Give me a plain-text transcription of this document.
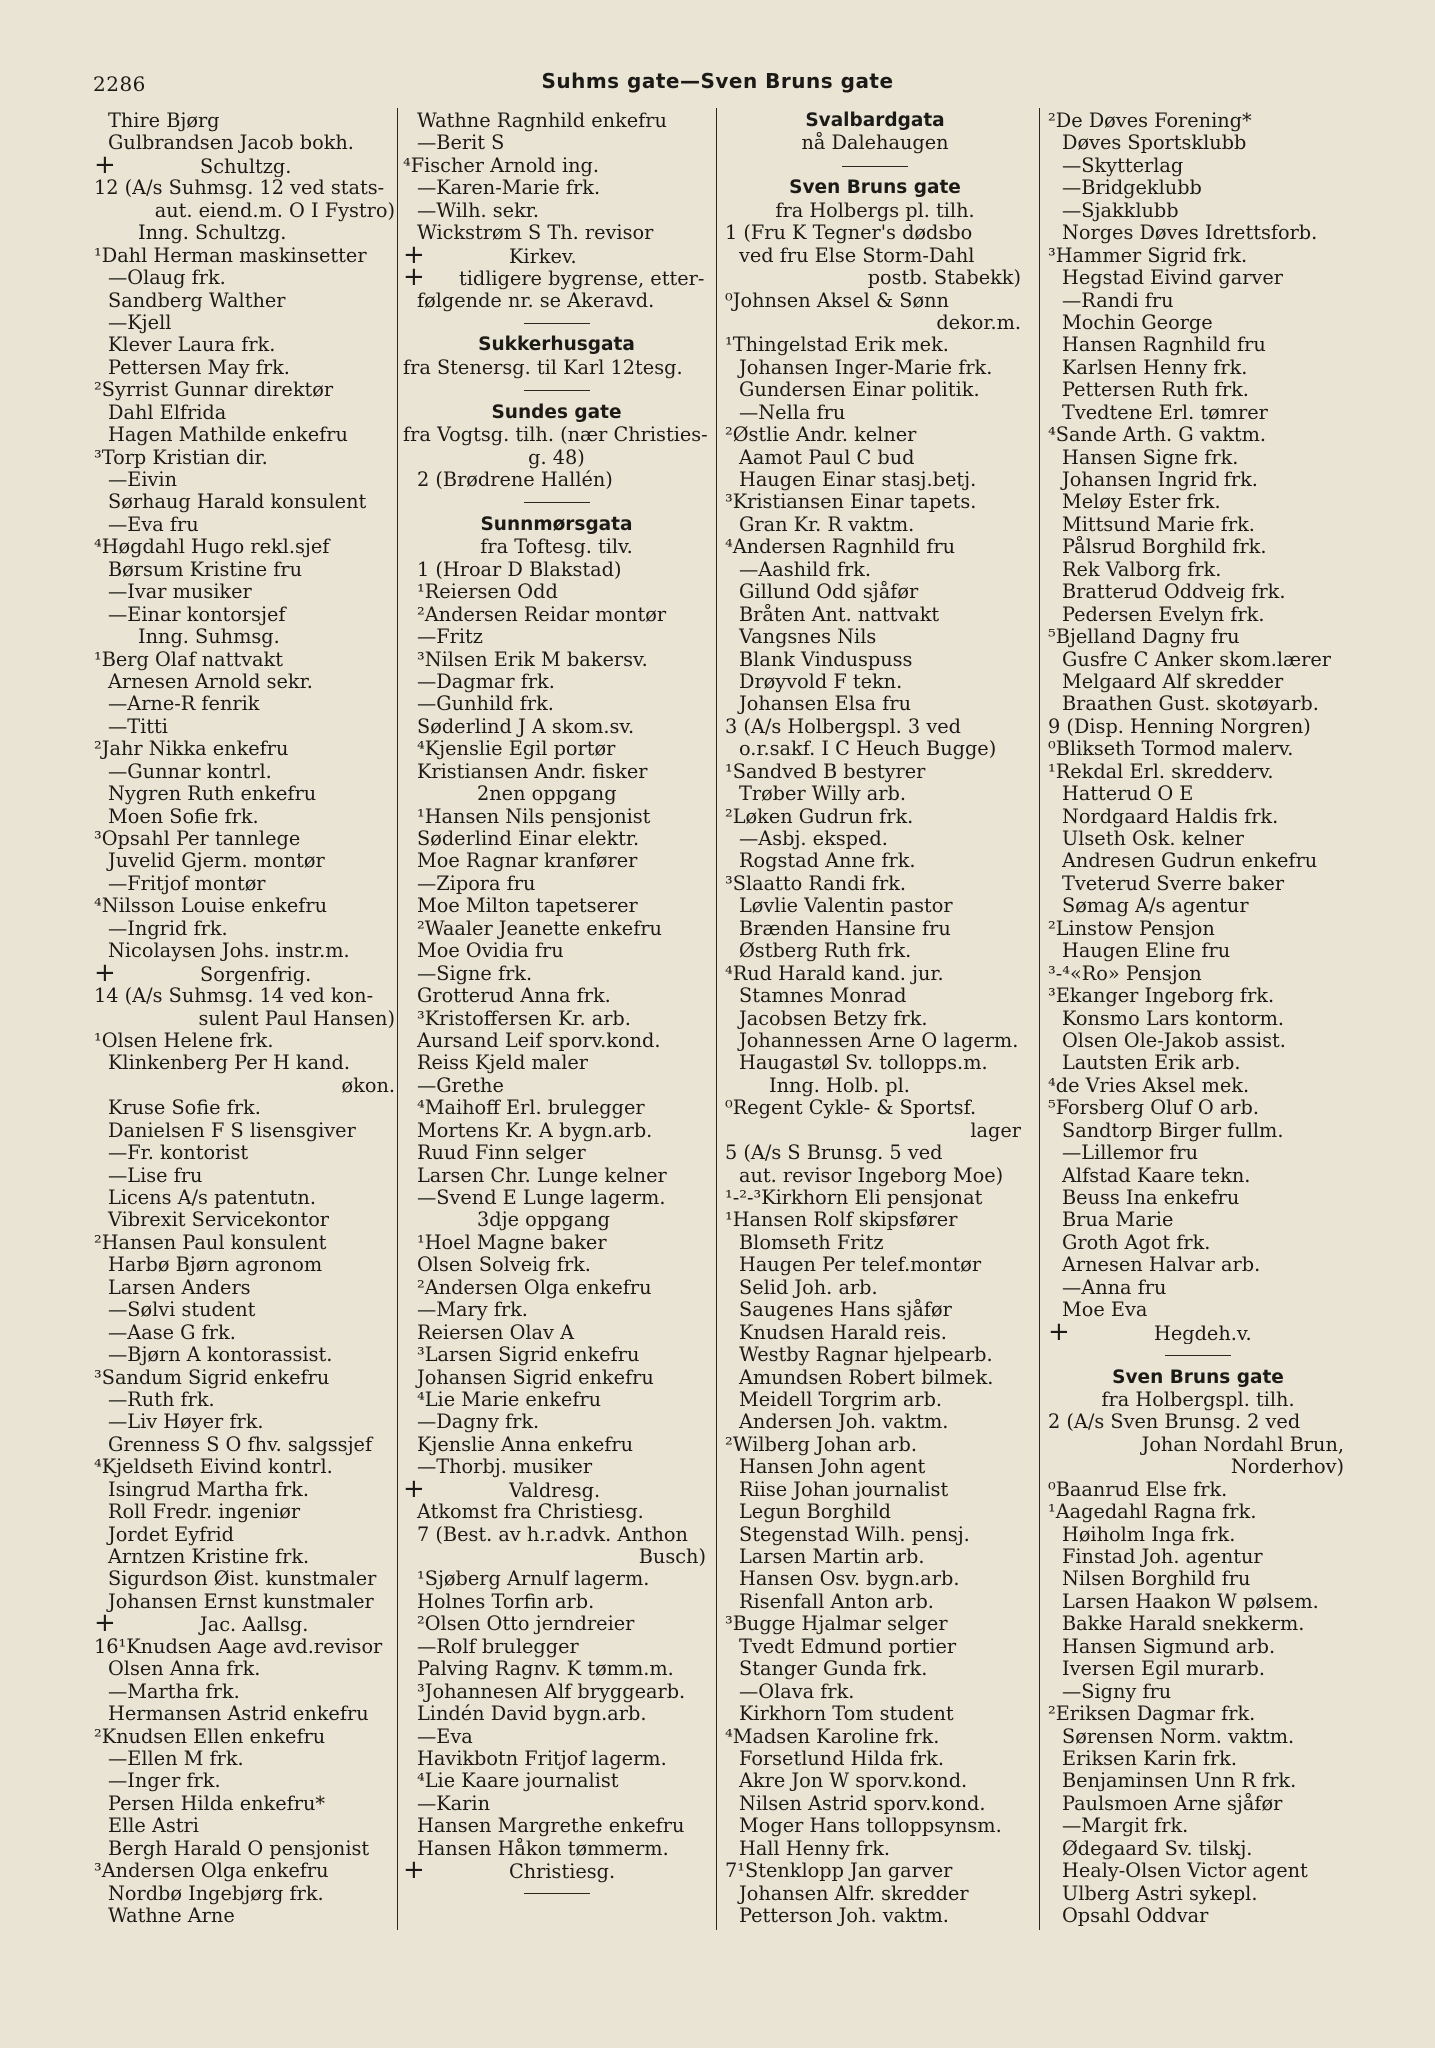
2286	Suhms gate—Sven Bruns gate
Thire Bjørg
Gulbrandsen Jacob bokh.
+	Schultzg.
12 (A/s Suhmsg. 12 ved stats-
aut. eiend.m. O I Fystro)
Inng. Schultzg.
¹Dahl Herman maskinsetter
—Olaug frk.
Sandberg Walther
—Kjell
Klever Laura frk.
Pettersen May frk.
²Syrrist Gunnar direktør
Dahl Elfrida
Hagen Mathilde enkefru
³Torp Kristian dir.
—Eivin
Sørhaug Harald konsulent
—Eva fru
⁴Høgdahl Hugo rekl.sjef
Børsum Kristine fru
—Ivar musiker
—Einar kontorsjef
Inng. Suhmsg.
¹Berg Olaf nattvakt
Arnesen Arnold sekr.
—Arne-R fenrik
—Titti
²Jahr Nikka enkefru
—Gunnar kontrl.
Nygren Ruth enkefru
Moen Sofie frk.
³Opsahl Per tannlege
Juvelid Gjerm. montør
—Fritjof montør
⁴Nilsson Louise enkefru
—Ingrid frk.
Nicolaysen Johs. instr.m.
+	Sorgenfrig.
14 (A/s Suhmsg. 14 ved kon-
sulent Paul Hansen)
¹Olsen Helene frk.
Klinkenberg Per H kand.
økon.
Kruse Sofie frk.
Danielsen F S lisensgiver
—Fr. kontorist
—Lise fru
Licens A/s patentutn.
Vibrexit Servicekontor
²Hansen Paul konsulent
Harbø Bjørn agronom
Larsen Anders
—Sølvi student
—Aase G frk.
—Bjørn A kontorassist.
³Sandum Sigrid enkefru
—Ruth frk.
—Liv Høyer frk.
Grenness S O fhv. salgssjef
⁴Kjeldseth Eivind kontrl.
Isingrud Martha frk.
Roll Fredr. ingeniør
Jordet Eyfrid
Arntzen Kristine frk.
Sigurdson Øist. kunstmaler
Johansen Ernst kunstmaler
+	Jac. Aallsg.
16¹Knudsen Aage avd.revisor
Olsen Anna frk.
—Martha frk.
Hermansen Astrid enkefru
²Knudsen Ellen enkefru
—Ellen M frk.
—Inger frk.
Persen Hilda enkefru*
Elle Astri
Bergh Harald O pensjonist
³Andersen Olga enkefru
Nordbø Ingebjørg frk.
Wathne Arne
Wathne Ragnhild enkefru
—Berit S
⁴Fischer Arnold ing.
—Karen-Marie frk.
—Wilh. sekr.
Wickstrøm S Th. revisor
+	Kirkev.
+ tidligere bygrense, etter-
følgende nr. se Akeravd.
Sukkerhusgata
fra Stenersg. til Karl 12tesg.
Sundes gate
fra Vogtsg. tilh. (nær Christies-
g. 48)
2 (Brødrene Hallén)
Sunnmørsgata
fra Toftesg. tilv.
1 (Hroar D Blakstad)
¹Reiersen Odd
²Andersen Reidar montør
—Fritz
³Nilsen Erik M bakersv.
—Dagmar frk.
—Gunhild frk.
Søderlind J A skom.sv.
⁴Kjenslie Egil portør
Kristiansen Andr. fisker
2nen oppgang
¹Hansen Nils pensjonist
Søderlind Einar elektr.
Moe Ragnar kranfører
—Zipora fru
Moe Milton tapetserer
²Waaler Jeanette enkefru
Moe Ovidia fru
—Signe frk.
Grotterud Anna frk.
³Kristoffersen Kr. arb.
Aursand Leif sporv.kond.
Reiss Kjeld maler
—Grethe
⁴Maihoff Erl. brulegger
Mortens Kr. A bygn.arb.
Ruud Finn selger
Larsen Chr. Lunge kelner
—Svend E Lunge lagerm.
3dje oppgang
¹Hoel Magne baker
Olsen Solveig frk.
²Andersen Olga enkefru
—Mary frk.
Reiersen Olav A
³Larsen Sigrid enkefru
Johansen Sigrid enkefru
⁴Lie Marie enkefru
—Dagny frk.
Kjenslie Anna enkefru
—Thorbj. musiker
+	Valdresg.
Atkomst fra Christiesg.
7 (Best. av h.r.advk. Anthon
Busch)
¹Sjøberg Arnulf lagerm.
Holnes Torfin arb.
²Olsen Otto jerndreier
—Rolf brulegger
Palving Ragnv. K tømm.m.
³Johannesen Alf bryggearb.
Lindén David bygn.arb.
—Eva
Havikbotn Fritjof lagerm.
⁴Lie Kaare journalist
—Karin
Hansen Margrethe enkefru
Hansen Håkon tømmerm.
+	Christiesg.
Svalbardgata
nå Dalehaugen
Sven Bruns gate
fra Holbergs pl. tilh.
1 (Fru K Tegner's dødsbo
ved fru Else Storm-Dahl
postb. Stabekk)
⁰Johnsen Aksel & Sønn
dekor.m.
¹Thingelstad Erik mek.
Johansen Inger-Marie frk.
Gundersen Einar politik.
—Nella fru
²Østlie Andr. kelner
Aamot Paul C bud
Haugen Einar stasj.betj.
³Kristiansen Einar tapets.
Gran Kr. R vaktm.
⁴Andersen Ragnhild fru
—Aashild frk.
Gillund Odd sjåfør
Bråten Ant. nattvakt
Vangsnes Nils
Blank Vinduspuss
Drøyvold F tekn.
Johansen Elsa fru
3 (A/s Holbergspl. 3 ved
o.r.sakf. I C Heuch Bugge)
¹Sandved B bestyrer
Trøber Willy arb.
²Løken Gudrun frk.
—Asbj. eksped.
Rogstad Anne frk.
³Slaatto Randi frk.
Løvlie Valentin pastor
Brænden Hansine fru
Østberg Ruth frk.
⁴Rud Harald kand. jur.
Stamnes Monrad
Jacobsen Betzy frk.
Johannessen Arne O lagerm.
Haugastøl Sv. tollopps.m.
Inng. Holb. pl.
⁰Regent Cykle- & Sportsf.
lager
5 (A/s S Brunsg. 5 ved
aut. revisor Ingeborg Moe)
¹-²-³Kirkhorn Eli pensjonat
¹Hansen Rolf skipsfører
Blomseth Fritz
Haugen Per telef.montør
Selid Joh. arb.
Saugenes Hans sjåfør
Knudsen Harald reis.
Westby Ragnar hjelpearb.
Amundsen Robert bilmek.
Meidell Torgrim arb.
Andersen Joh. vaktm.
²Wilberg Johan arb.
Hansen John agent
Riise Johan journalist
Legun Borghild
Stegenstad Wilh. pensj.
Larsen Martin arb.
Hansen Osv. bygn.arb.
Risenfall Anton arb.
³Bugge Hjalmar selger
Tvedt Edmund portier
Stanger Gunda frk.
—Olava frk.
Kirkhorn Tom student
⁴Madsen Karoline frk.
Forsetlund Hilda frk.
Akre Jon W sporv.kond.
Nilsen Astrid sporv.kond.
Moger Hans tolloppsynsm.
Hall Henny frk.
7¹Stenklopp Jan garver
Johansen Alfr. skredder
Petterson Joh. vaktm.
²De Døves Forening*
Døves Sportsklubb
—Skytterlag
—Bridgeklubb
—Sjakklubb
Norges Døves Idrettsforb.
³Hammer Sigrid frk.
Hegstad Eivind garver
—Randi fru
Mochin George
Hansen Ragnhild fru
Karlsen Henny frk.
Pettersen Ruth frk.
Tvedtene Erl. tømrer
⁴Sande Arth. G vaktm.
Hansen Signe frk.
Johansen Ingrid frk.
Meløy Ester frk.
Mittsund Marie frk.
Pålsrud Borghild frk.
Rek Valborg frk.
Bratterud Oddveig frk.
Pedersen Evelyn frk.
⁵Bjelland Dagny fru
Gusfre C Anker skom.lærer
Melgaard Alf skredder
Braathen Gust. skotøyarb.
9 (Disp. Henning Norgren)
⁰Blikseth Tormod malerv.
¹Rekdal Erl. skredderv.
Hatterud O E
Nordgaard Haldis frk.
Ulseth Osk. kelner
Andresen Gudrun enkefru
Tveterud Sverre baker
Sømag A/s agentur
²Linstow Pensjon
Haugen Eline fru
³-⁴«Ro» Pensjon
³Ekanger Ingeborg frk.
Konsmo Lars kontorm.
Olsen Ole-Jakob assist.
Lautsten Erik arb.
⁴de Vries Aksel mek.
⁵Forsberg Oluf O arb.
Sandtorp Birger fullm.
—Lillemor fru
Alfstad Kaare tekn.
Beuss Ina enkefru
Brua Marie
Groth Agot frk.
Arnesen Halvar arb.
—Anna fru
Moe Eva
+	Hegdeh.v.
Sven Bruns gate
fra Holbergspl. tilh.
2 (A/s Sven Brunsg. 2 ved
Johan Nordahl Brun,
Norderhov)
⁰Baanrud Else frk.
¹Aagedahl Ragna frk.
Høiholm Inga frk.
Finstad Joh. agentur
Nilsen Borghild fru
Larsen Haakon W pølsem.
Bakke Harald snekkerm.
Hansen Sigmund arb.
Iversen Egil murarb.
—Signy fru
²Eriksen Dagmar frk.
Sørensen Norm. vaktm.
Eriksen Karin frk.
Benjaminsen Unn R frk.
Paulsmoen Arne sjåfør
—Margit frk.
Ødegaard Sv. tilskj.
Healy-Olsen Victor agent
Ulberg Astri sykepl.
Opsahl Oddvar
